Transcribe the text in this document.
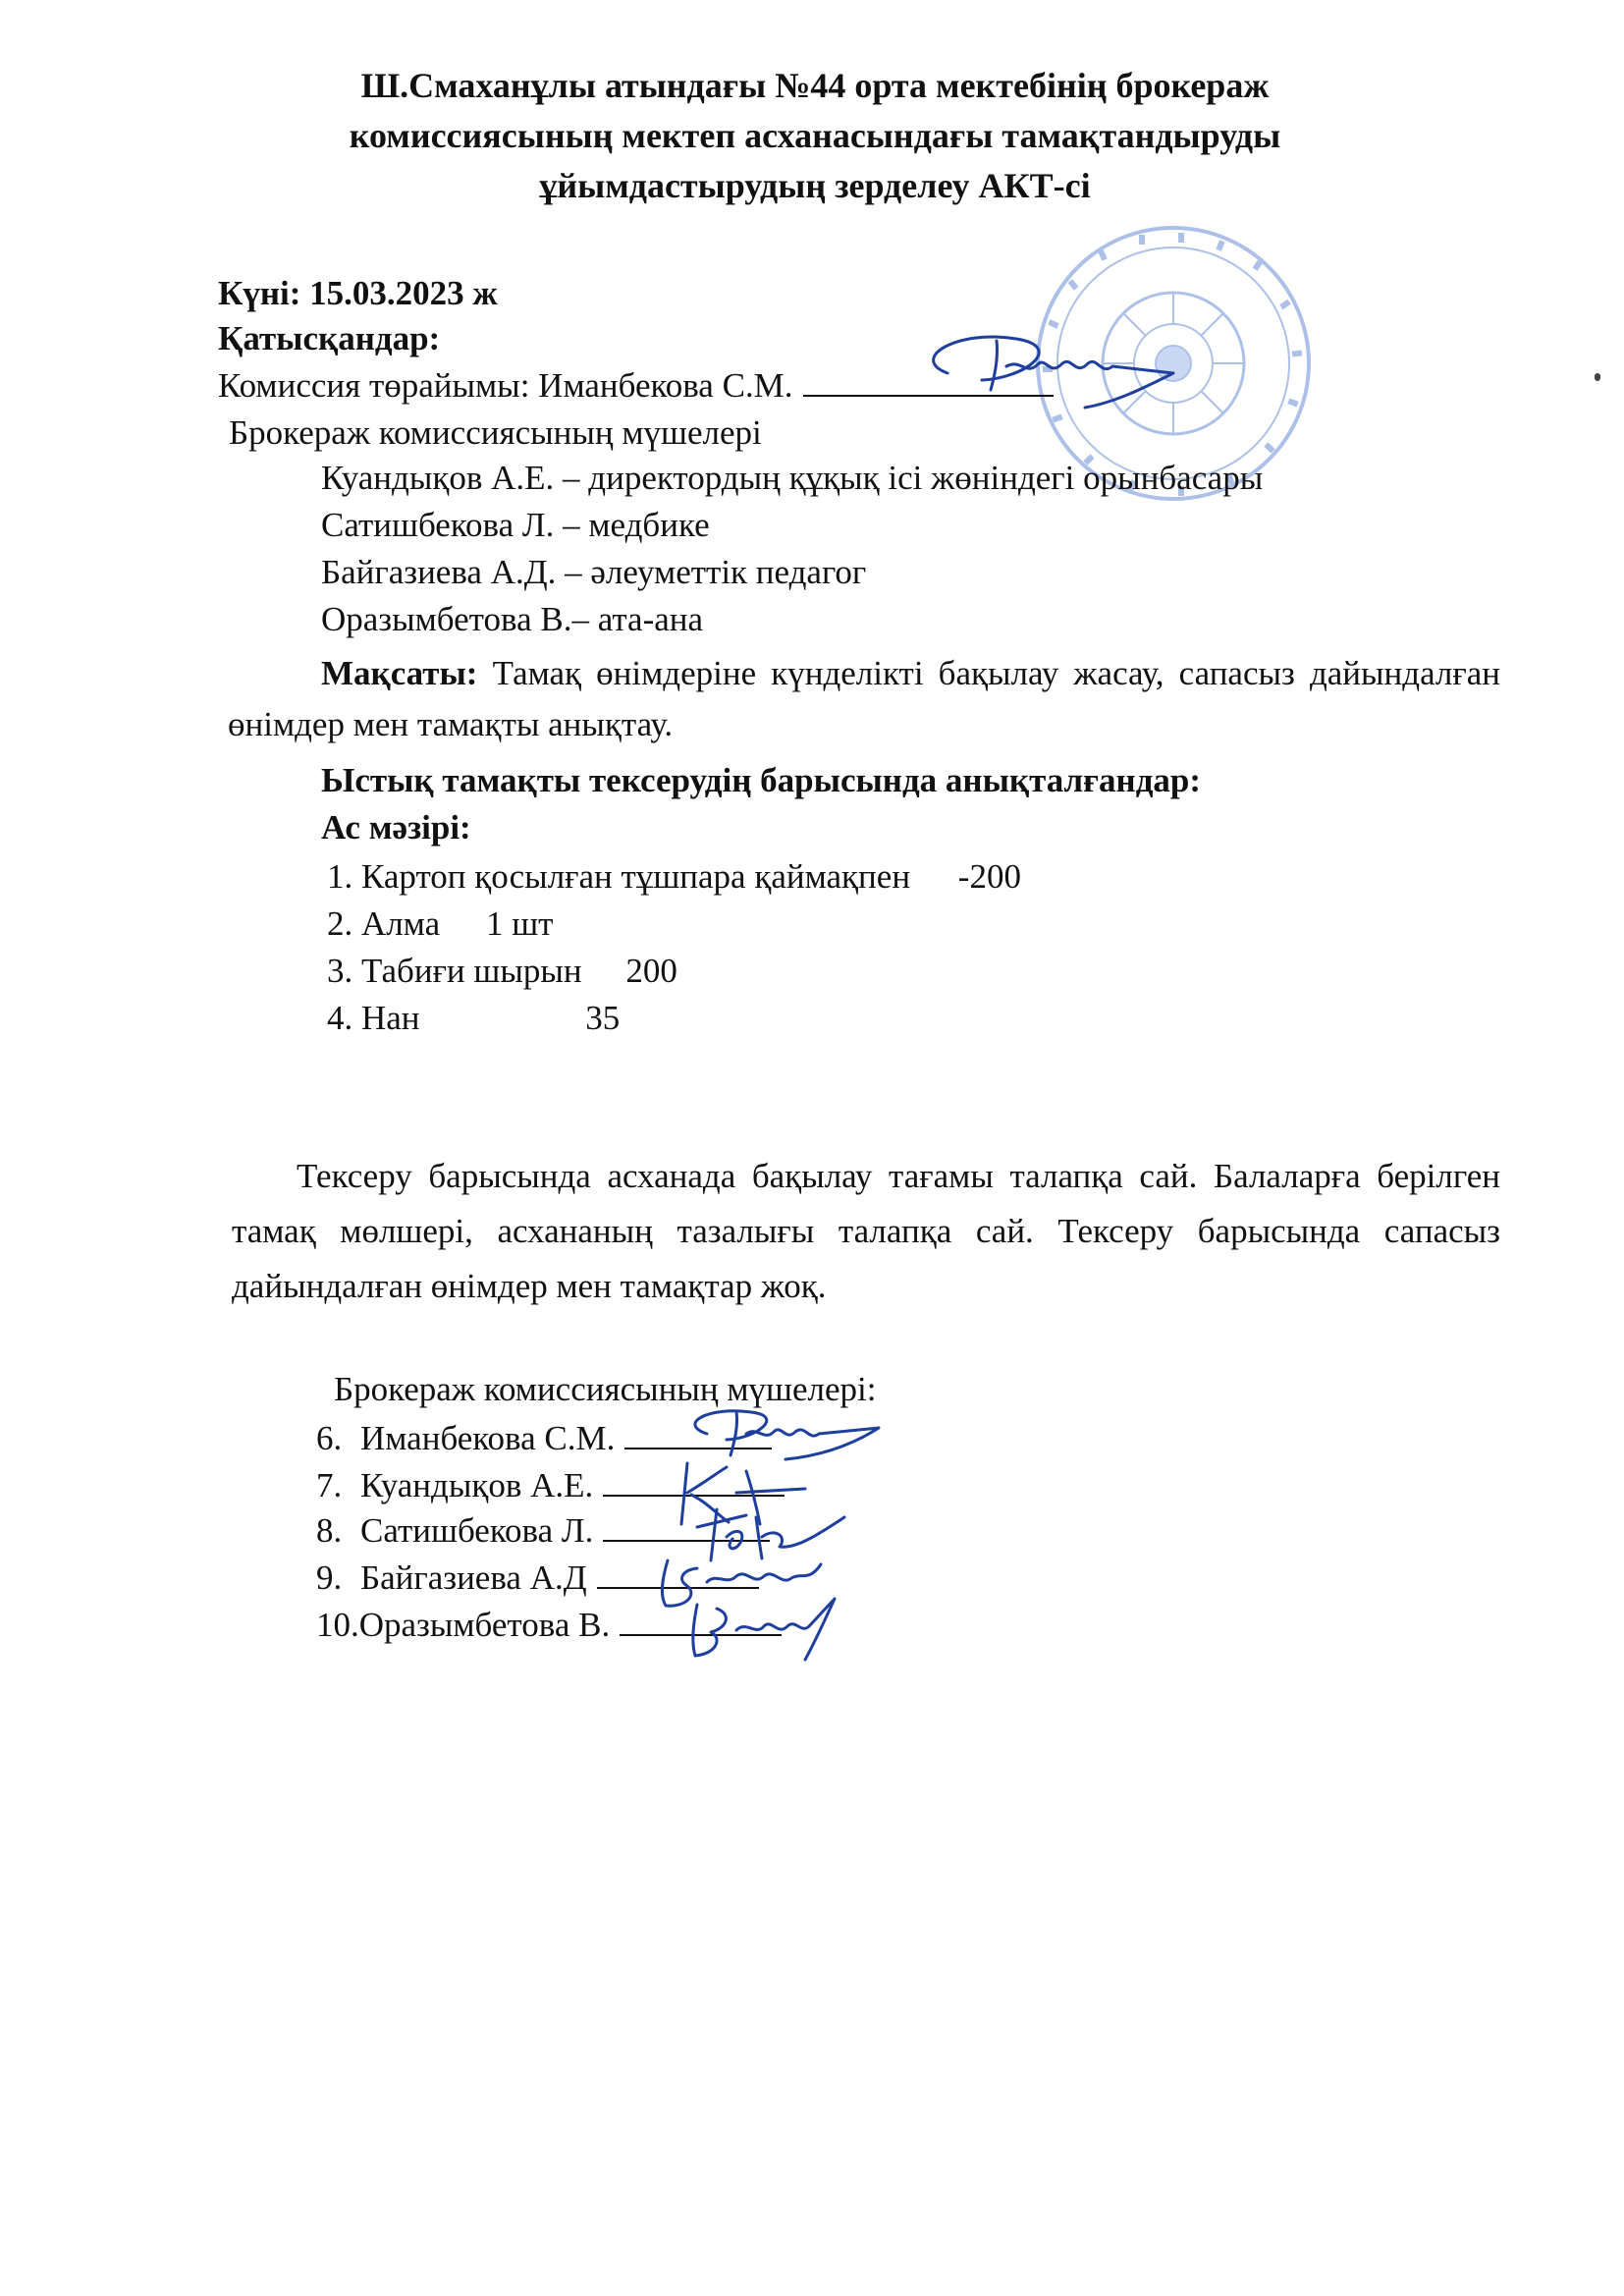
Ш.Смаханұлы атындағы №44 орта мектебінің брокераж
комиссиясының мектеп асханасындағы тамақтандыруды
ұйымдастырудың зерделеу АКТ-сі
Күні: 15.03.2023 ж
Қатысқандар:
Комиссия төрайымы: Иманбекова С.М.
Брокераж комиссиясының мүшелері
Куандықов А.Е. – директордың құқық ісі жөніндегі орынбасары
Сатишбекова Л. – медбике
Байгазиева А.Д. – әлеуметтік педагог
Оразымбетова В.– ата-ана
Мақсаты: Тамақ өнімдеріне күнделікті бақылау жасау, сапасыз дайындалған өнімдер мен тамақты анықтау.
Ыстық тамақты тексерудің барысында анықталғандар:
Ас мәзірі:
1. Картоп қосылған тұшпара қаймақпен -200
2. Алма 1 шт
3. Табиғи шырын 200
4. Нан	35
Тексеру барысында асханада бақылау тағамы талапқа сай. Балаларға берілген тамақ мөлшері, асхананың тазалығы талапқа сай. Тексеру барысында сапасыз дайындалған өнімдер мен тамақтар жоқ.
Брокераж комиссиясының мүшелері:
6. Иманбекова С.М.
7. Куандықов А.Е.
8. Сатишбекова Л.
9. Байгазиева А.Д
10.Оразымбетова В.
